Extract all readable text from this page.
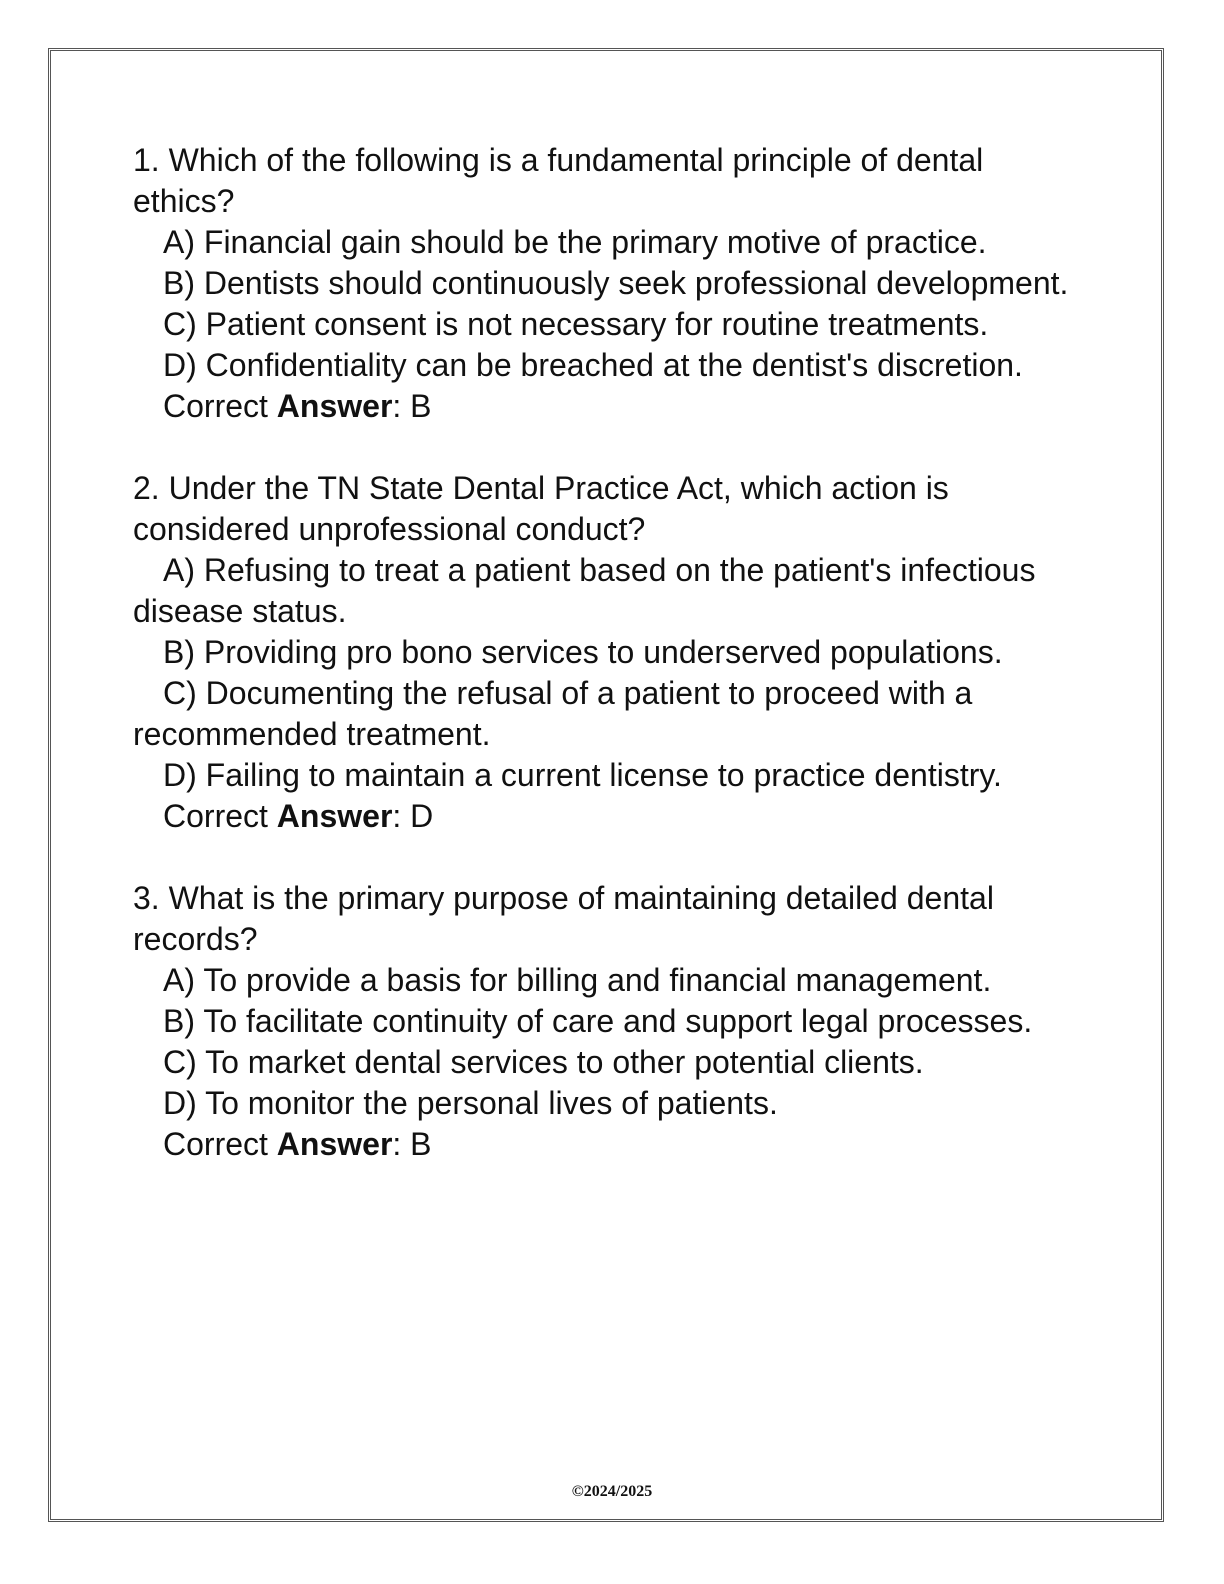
1. Which of the following is a fundamental principle of dental ethics?
A) Financial gain should be the primary motive of practice.
B) Dentists should continuously seek professional development.
C) Patient consent is not necessary for routine treatments.
D) Confidentiality can be breached at the dentist's discretion.
Correct Answer: B
2. Under the TN State Dental Practice Act, which action is considered unprofessional conduct?
A) Refusing to treat a patient based on the patient's infectious disease status.
B) Providing pro bono services to underserved populations.
C) Documenting the refusal of a patient to proceed with a recommended treatment.
D) Failing to maintain a current license to practice dentistry.
Correct Answer: D
3. What is the primary purpose of maintaining detailed dental records?
A) To provide a basis for billing and financial management.
B) To facilitate continuity of care and support legal processes.
C) To market dental services to other potential clients.
D) To monitor the personal lives of patients.
Correct Answer: B
©2024/2025
